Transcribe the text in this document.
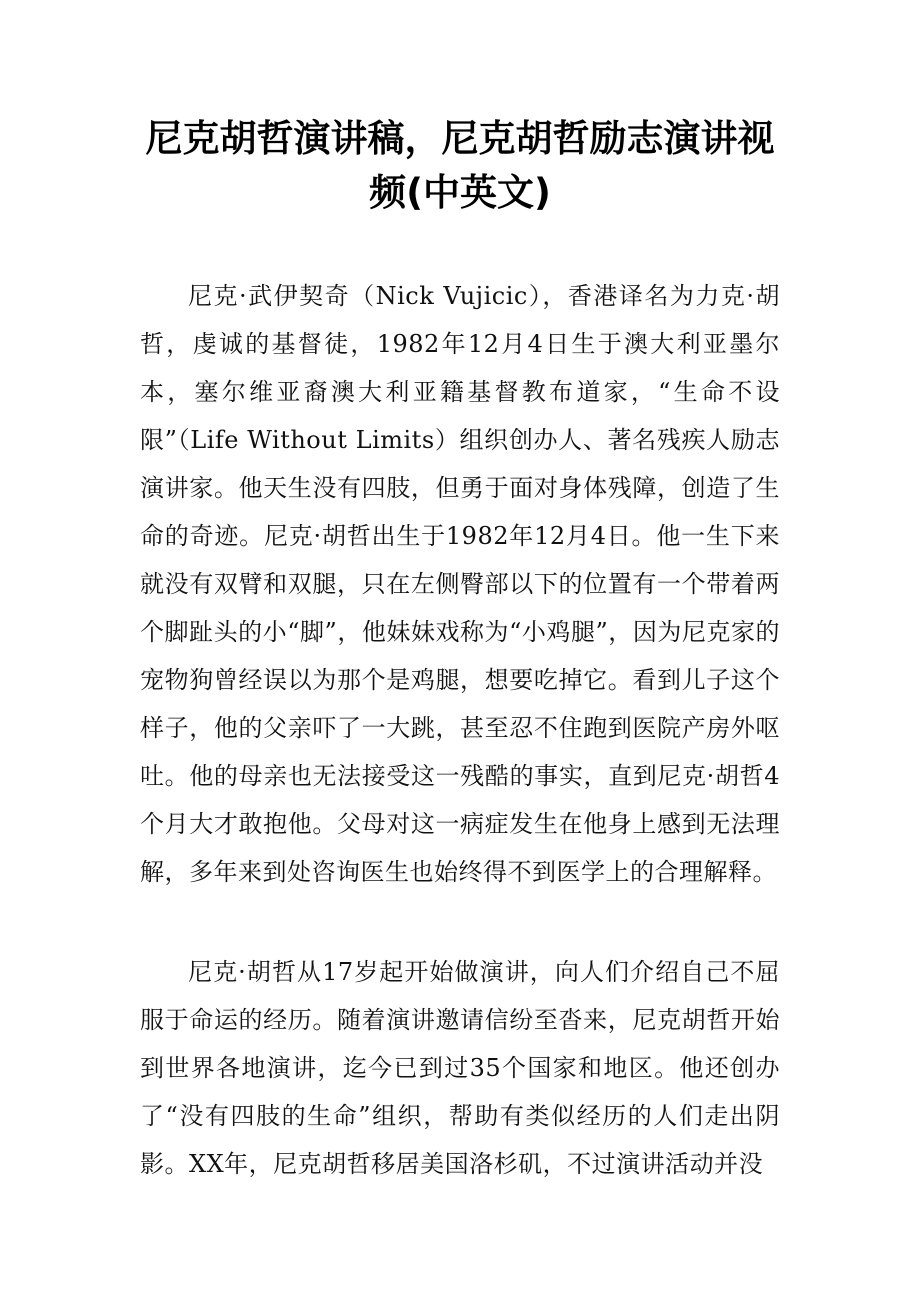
尼克胡哲演讲稿，尼克胡哲励志演讲视
频(中英文)

尼克·武伊契奇（Nick Vujicic），香港译名为力克·胡哲，虔诚的基督徒，1982年12月4日生于澳大利亚墨尔本，塞尔维亚裔澳大利亚籍基督教布道家，“生命不设限”（Life Without Limits）组织创办人、著名残疾人励志演讲家。他天生没有四肢，但勇于面对身体残障，创造了生命的奇迹。尼克·胡哲出生于1982年12月4日。他一生下来就没有双臂和双腿，只在左侧臀部以下的位置有一个带着两个脚趾头的小“脚”，他妹妹戏称为“小鸡腿”，因为尼克家的宠物狗曾经误以为那个是鸡腿，想要吃掉它。看到儿子这个样子，他的父亲吓了一大跳，甚至忍不住跑到医院产房外呕吐。他的母亲也无法接受这一残酷的事实，直到尼克·胡哲4个月大才敢抱他。父母对这一病症发生在他身上感到无法理解，多年来到处咨询医生也始终得不到医学上的合理解释。

尼克·胡哲从17岁起开始做演讲，向人们介绍自己不屈服于命运的经历。随着演讲邀请信纷至沓来，尼克胡哲开始到世界各地演讲，迄今已到过35个国家和地区。他还创办了“没有四肢的生命”组织，帮助有类似经历的人们走出阴影。XX年，尼克胡哲移居美国洛杉矶，不过演讲活动并没
